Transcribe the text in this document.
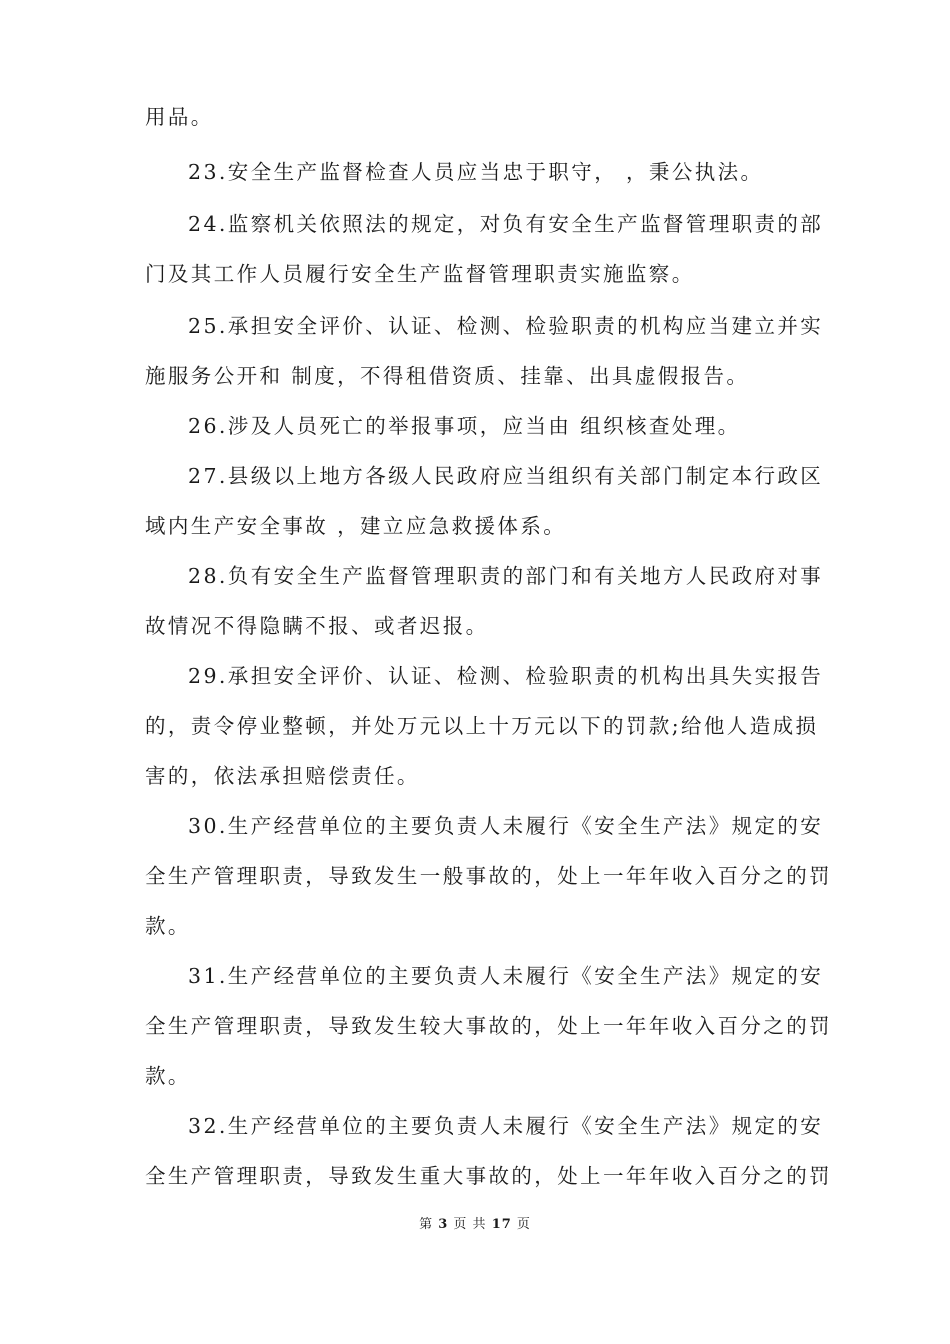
用品。
23.安全生产监督检查人员应当忠于职守， ，秉公执法。
24.监察机关依照法的规定，对负有安全生产监督管理职责的部
门及其工作人员履行安全生产监督管理职责实施监察。
25.承担安全评价、认证、检测、检验职责的机构应当建立并实
施服务公开和 制度，不得租借资质、挂靠、出具虚假报告。
26.涉及人员死亡的举报事项，应当由 组织核查处理。
27.县级以上地方各级人民政府应当组织有关部门制定本行政区
域内生产安全事故 ，建立应急救援体系。
28.负有安全生产监督管理职责的部门和有关地方人民政府对事
故情况不得隐瞒不报、或者迟报。
29.承担安全评价、认证、检测、检验职责的机构出具失实报告
的，责令停业整顿，并处万元以上十万元以下的罚款;给他人造成损
害的，依法承担赔偿责任。
30.生产经营单位的主要负责人未履行《安全生产法》规定的安
全生产管理职责，导致发生一般事故的，处上一年年收入百分之的罚
款。
31.生产经营单位的主要负责人未履行《安全生产法》规定的安
全生产管理职责，导致发生较大事故的，处上一年年收入百分之的罚
款。
32.生产经营单位的主要负责人未履行《安全生产法》规定的安
全生产管理职责，导致发生重大事故的，处上一年年收入百分之的罚
第 3 页 共 17 页
